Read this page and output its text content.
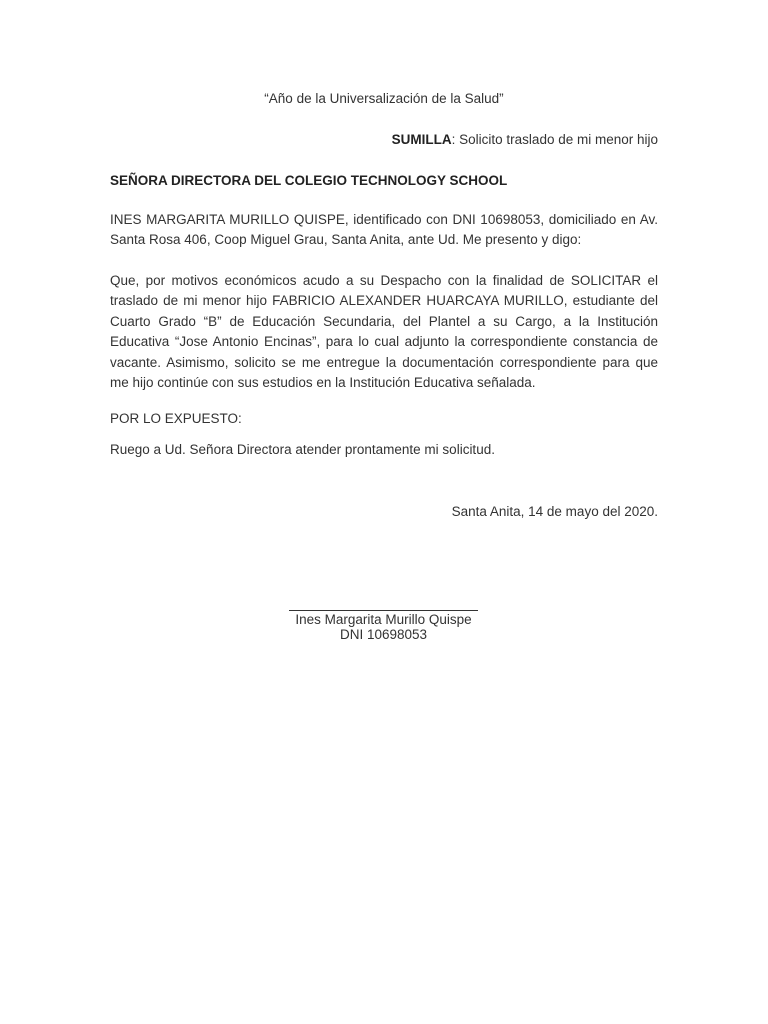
“Año de la Universalización de la Salud”
SUMILLA: Solicito traslado de mi menor hijo
SEÑORA DIRECTORA DEL COLEGIO TECHNOLOGY SCHOOL

INES MARGARITA MURILLO QUISPE, identificado con DNI 10698053, domiciliado en Av. Santa Rosa 406, Coop Miguel Grau, Santa Anita, ante Ud. Me presento y digo:

Que, por motivos económicos acudo a su Despacho con la finalidad de SOLICITAR el traslado de mi menor hijo FABRICIO ALEXANDER HUARCAYA MURILLO, estudiante del Cuarto Grado “B” de Educación Secundaria, del Plantel a su Cargo, a la Institución Educativa “Jose Antonio Encinas”, para lo cual adjunto la correspondiente constancia de vacante. Asimismo, solicito se me entregue la documentación correspondiente para que me hijo continúe con sus estudios en la Institución Educativa señalada.

POR LO EXPUESTO:

Ruego a Ud. Señora Directora atender prontamente mi solicitud.

Santa Anita, 14 de mayo del 2020.
Ines Margarita Murillo Quispe
DNI 10698053
